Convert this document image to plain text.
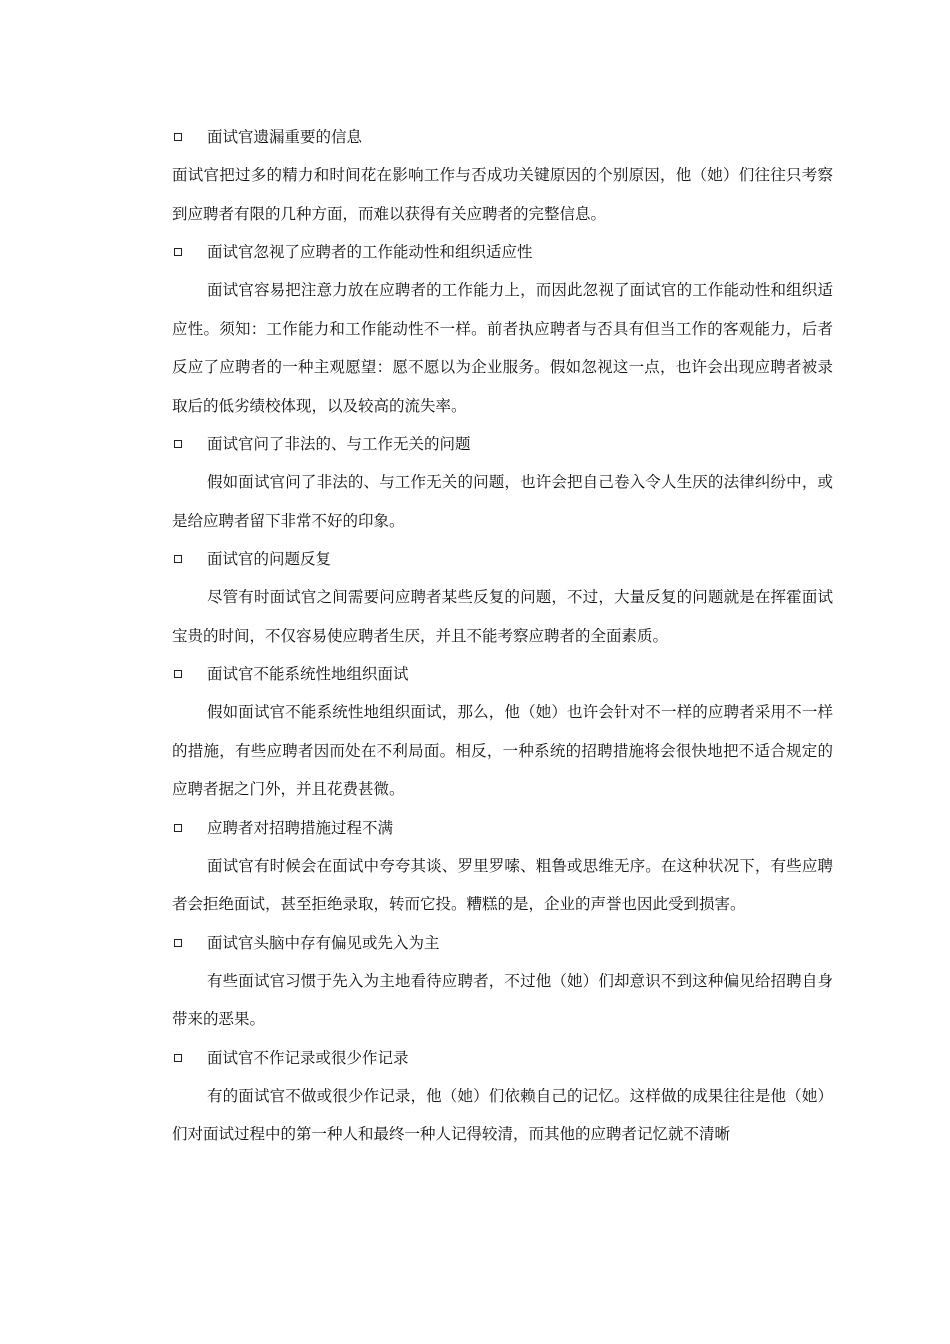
面试官遗漏重要的信息

面试官把过多的精力和时间花在影响工作与否成功关键原因的个别原因，他（她）们往往只考察到应聘者有限的几种方面，而难以获得有关应聘者的完整信息。

面试官忽视了应聘者的工作能动性和组织适应性

面试官容易把注意力放在应聘者的工作能力上，而因此忽视了面试官的工作能动性和组织适应性。须知：工作能力和工作能动性不一样。前者执应聘者与否具有但当工作的客观能力，后者反应了应聘者的一种主观愿望：愿不愿以为企业服务。假如忽视这一点，也许会出现应聘者被录取后的低劣绩校体现，以及较高的流失率。

面试官问了非法的、与工作无关的问题

假如面试官问了非法的、与工作无关的问题，也许会把自己卷入令人生厌的法律纠纷中，或是给应聘者留下非常不好的印象。

面试官的问题反复

尽管有时面试官之间需要问应聘者某些反复的问题，不过，大量反复的问题就是在挥霍面试宝贵的时间，不仅容易使应聘者生厌，并且不能考察应聘者的全面素质。

面试官不能系统性地组织面试

假如面试官不能系统性地组织面试，那么，他（她）也许会针对不一样的应聘者采用不一样的措施，有些应聘者因而处在不利局面。相反，一种系统的招聘措施将会很快地把不适合规定的应聘者据之门外，并且花费甚微。

应聘者对招聘措施过程不满

面试官有时候会在面试中夸夸其谈、罗里罗嗦、粗鲁或思维无序。在这种状况下，有些应聘者会拒绝面试，甚至拒绝录取，转而它投。糟糕的是，企业的声誉也因此受到损害。

面试官头脑中存有偏见或先入为主

有些面试官习惯于先入为主地看待应聘者，不过他（她）们却意识不到这种偏见给招聘自身带来的恶果。

面试官不作记录或很少作记录

有的面试官不做或很少作记录，他（她）们依赖自己的记忆。这样做的成果往往是他（她）们对面试过程中的第一种人和最终一种人记得较清，而其他的应聘者记忆就不清晰
